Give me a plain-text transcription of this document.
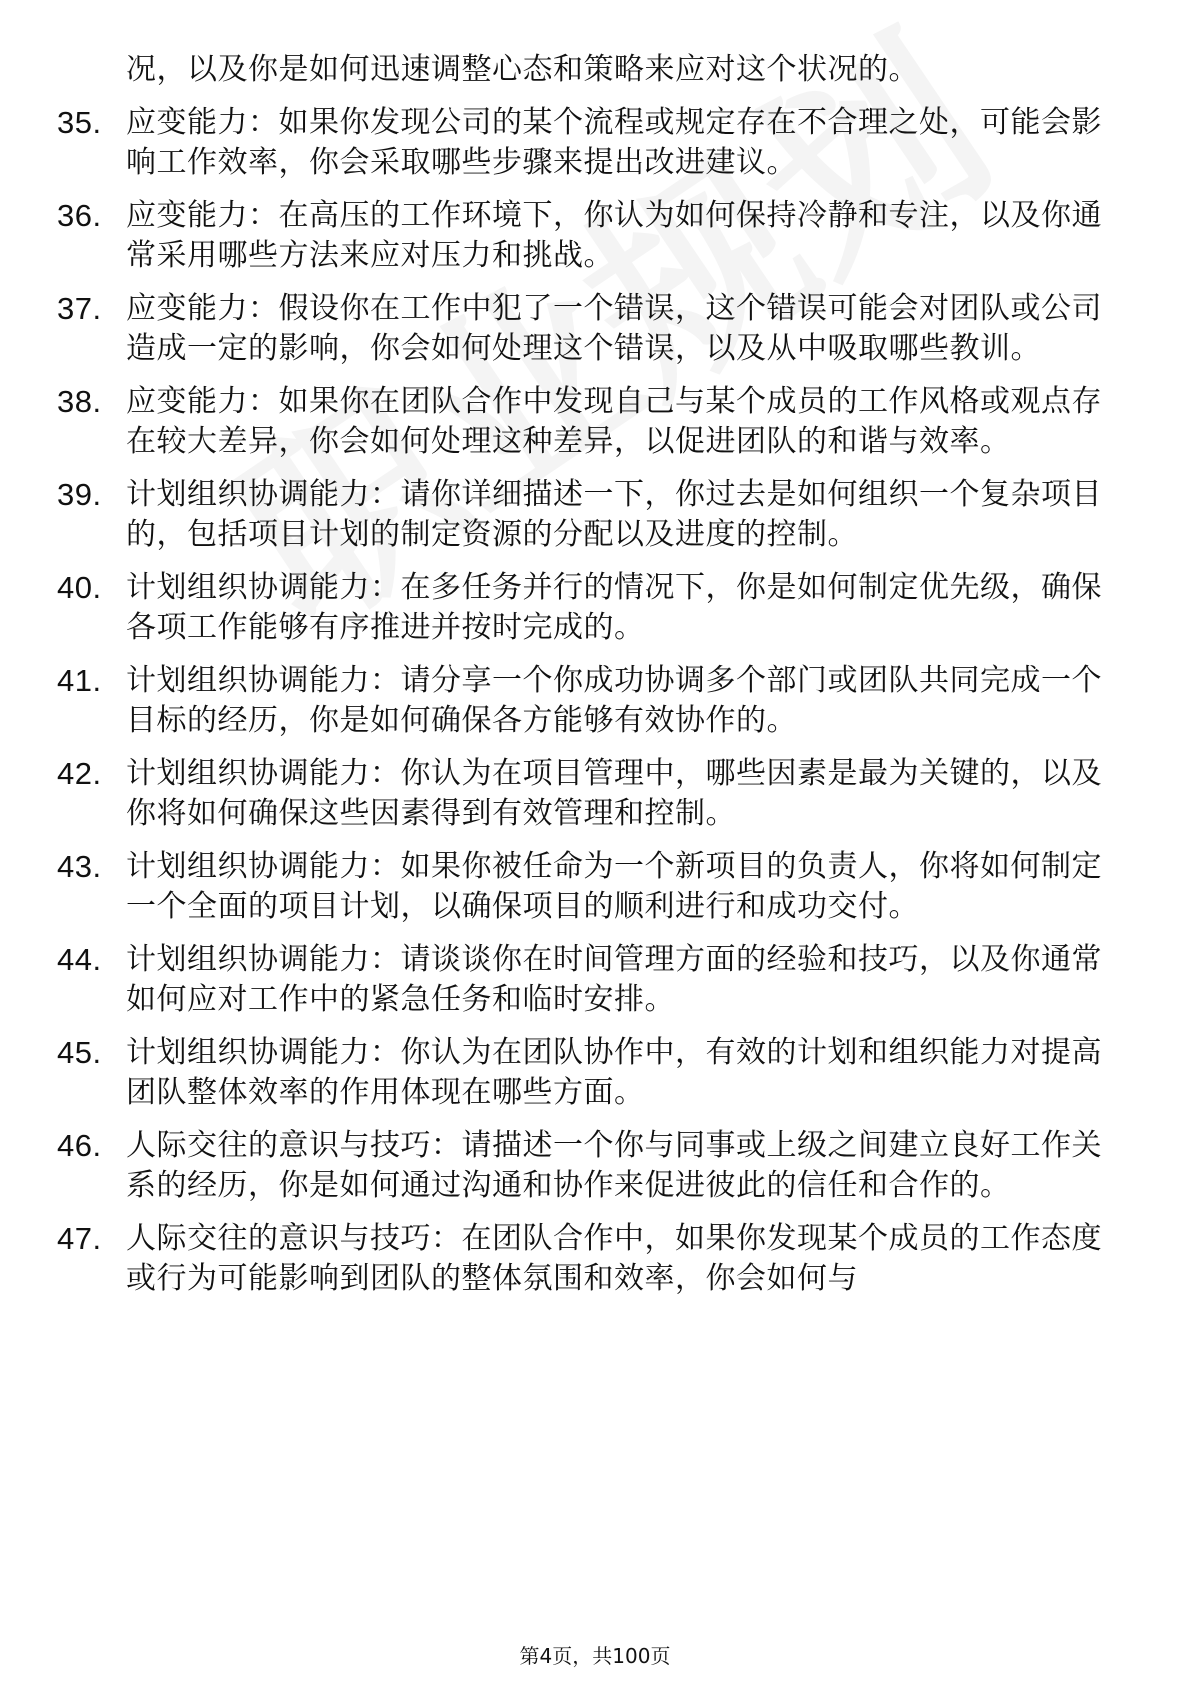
况，以及你是如何迅速调整心态和策略来应对这个状况的。
35. 应变能力：如果你发现公司的某个流程或规定存在不合理之处，可能会影响工作效率，你会采取哪些步骤来提出改进建议。
36. 应变能力：在高压的工作环境下，你认为如何保持冷静和专注，以及你通常采用哪些方法来应对压力和挑战。
37. 应变能力：假设你在工作中犯了一个错误，这个错误可能会对团队或公司造成一定的影响，你会如何处理这个错误，以及从中吸取哪些教训。
38. 应变能力：如果你在团队合作中发现自己与某个成员的工作风格或观点存在较大差异，你会如何处理这种差异，以促进团队的和谐与效率。
39. 计划组织协调能力：请你详细描述一下，你过去是如何组织一个复杂项目的，包括项目计划的制定资源的分配以及进度的控制。
40. 计划组织协调能力：在多任务并行的情况下，你是如何制定优先级，确保各项工作能够有序推进并按时完成的。
41. 计划组织协调能力：请分享一个你成功协调多个部门或团队共同完成一个目标的经历，你是如何确保各方能够有效协作的。
42. 计划组织协调能力：你认为在项目管理中，哪些因素是最为关键的，以及你将如何确保这些因素得到有效管理和控制。
43. 计划组织协调能力：如果你被任命为一个新项目的负责人，你将如何制定一个全面的项目计划，以确保项目的顺利进行和成功交付。
44. 计划组织协调能力：请谈谈你在时间管理方面的经验和技巧，以及你通常如何应对工作中的紧急任务和临时安排。
45. 计划组织协调能力：你认为在团队协作中，有效的计划和组织能力对提高团队整体效率的作用体现在哪些方面。
46. 人际交往的意识与技巧：请描述一个你与同事或上级之间建立良好工作关系的经历，你是如何通过沟通和协作来促进彼此的信任和合作的。
47. 人际交往的意识与技巧：在团队合作中，如果你发现某个成员的工作态度或行为可能影响到团队的整体氛围和效率，你会如何与
第4页，共100页
